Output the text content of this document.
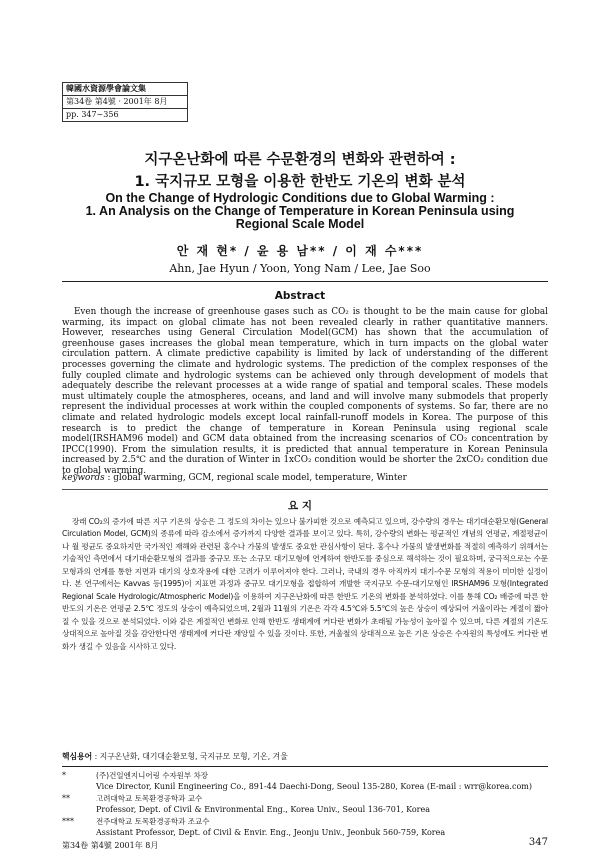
韓國水資源學會論文集
第34卷 第4號 · 2001年 8月
pp. 347∼356
지구온난화에 따른 수문환경의 변화와 관련하여 :
1. 국지규모 모형을 이용한 한반도 기온의 변화 분석
On the Change of Hydrologic Conditions due to Global Warming :
1. An Analysis on the Change of Temperature in Korean Peninsula using
Regional Scale Model
안 재 현* / 윤 용 남** / 이 재 수***
Ahn, Jae Hyun / Yoon, Yong Nam / Lee, Jae Soo
Abstract

Even though the increase of greenhouse gases such as CO₂ is thought to be the main cause for global warming, its impact on global climate has not been revealed clearly in rather quantitative manners. However, researches using General Circulation Model(GCM) has shown that the accumulation of greenhouse gases increases the global mean temperature, which in turn impacts on the global water circulation pattern. A climate predictive capability is limited by lack of understanding of the different processes governing the climate and hydrologic systems. The prediction of the complex responses of the fully coupled climate and hydrologic systems can be achieved only through development of models that adequately describe the relevant processes at a wide range of spatial and temporal scales. These models must ultimately couple the atmospheres, oceans, and land and will involve many submodels that properly represent the individual processes at work within the coupled components of systems. So far, there are no climate and related hydrologic models except local rainfall-runoff models in Korea. The purpose of this research is to predict the change of temperature in Korean Peninsula using regional scale model(IRSHAM96 model) and GCM data obtained from the increasing scenarios of CO₂ concentration by IPCC(1990). From the simulation results, it is predicted that annual temperature in Korean Peninsula increased by 2.5℃ and the duration of Winter in 1xCO₂ condition would be shorter the 2xCO₂ condition due to global warming.

keywords : global warming, GCM, regional scale model, temperature, Winter

요 지

장래 CO₂의 증가에 따른 지구 기온의 상승은 그 정도의 차이는 있으나 불가피한 것으로 예측되고 있으며, 강수량의 경우는 대기대순환모형(General Circulation Model, GCM)의 종류에 따라 감소에서 증가까지 다양한 결과를 보이고 있다. 특히, 강수량의 변화는 평균적인 개념의 연평균, 계절평균이나 월 평균도 중요하지만 국가적인 재해와 관련된 홍수나 가뭄의 발생도 중요한 관심사항이 된다. 홍수나 가뭄의 발생변화를 적절히 예측하기 위해서는 기술적인 측면에서 대기대순환모형의 결과를 중규모 또는 소규모 대기모형에 연계하여 한반도를 중심으로 해석하는 것이 필요하며, 궁극적으로는 수문 모형과의 연계를 통한 지면과 대기의 상호작용에 대한 고려가 이루어져야 한다. 그러나, 국내의 경우 아직까지 대기-수문 모형의 적용이 미미한 실정이다. 본 연구에서는 Kavvas 등(1995)이 지표면 과정과 중규모 대기모형을 접합하여 개발한 국지규모 수문-대기모형인 IRSHAM96 모형(Integrated Regional Scale Hydrologic/Atmospheric Model)을 이용하여 지구온난화에 따른 한반도 기온의 변화를 분석하였다. 이를 통해 CO₂ 배증에 따른 한반도의 기온은 연평균 2.5℃ 정도의 상승이 예측되었으며, 2월과 11월의 기온은 각각 4.5℃와 5.5℃의 높은 상승이 예상되어 겨울이라는 계절이 짧아질 수 있을 것으로 분석되었다. 이와 같은 계절적인 변화로 인해 한반도 생태계에 커다란 변화가 초래될 가능성이 높아질 수 있으며, 다른 계절의 기온도 상대적으로 높아질 것을 감안한다면 생태계에 커다란 재앙일 수 있을 것이다. 또한, 겨울철의 상대적으로 높은 기온 상승은 수자원의 특성에도 커다란 변화가 생길 수 있음을 시사하고 있다.

핵심용어 : 지구온난화, 대기대순환모형, 국지규모 모형, 기온, 겨울

*	(주)건일엔지니어링 수자원부 차장
Vice Director, Kunil Engineering Co., 891-44 Daechi-Dong, Seoul 135-280, Korea (E-mail : wrr@korea.com)
**	고려대학교 토목환경공학과 교수
Professor, Dept. of Civil & Environmental Eng., Korea Univ., Seoul 136-701, Korea
***	전주대학교 토목환경공학과 조교수
Assistant Professor, Dept. of Civil & Envir. Eng., Jeonju Univ., Jeonbuk 560-759, Korea
第34卷 第4號 2001年 8月	347
